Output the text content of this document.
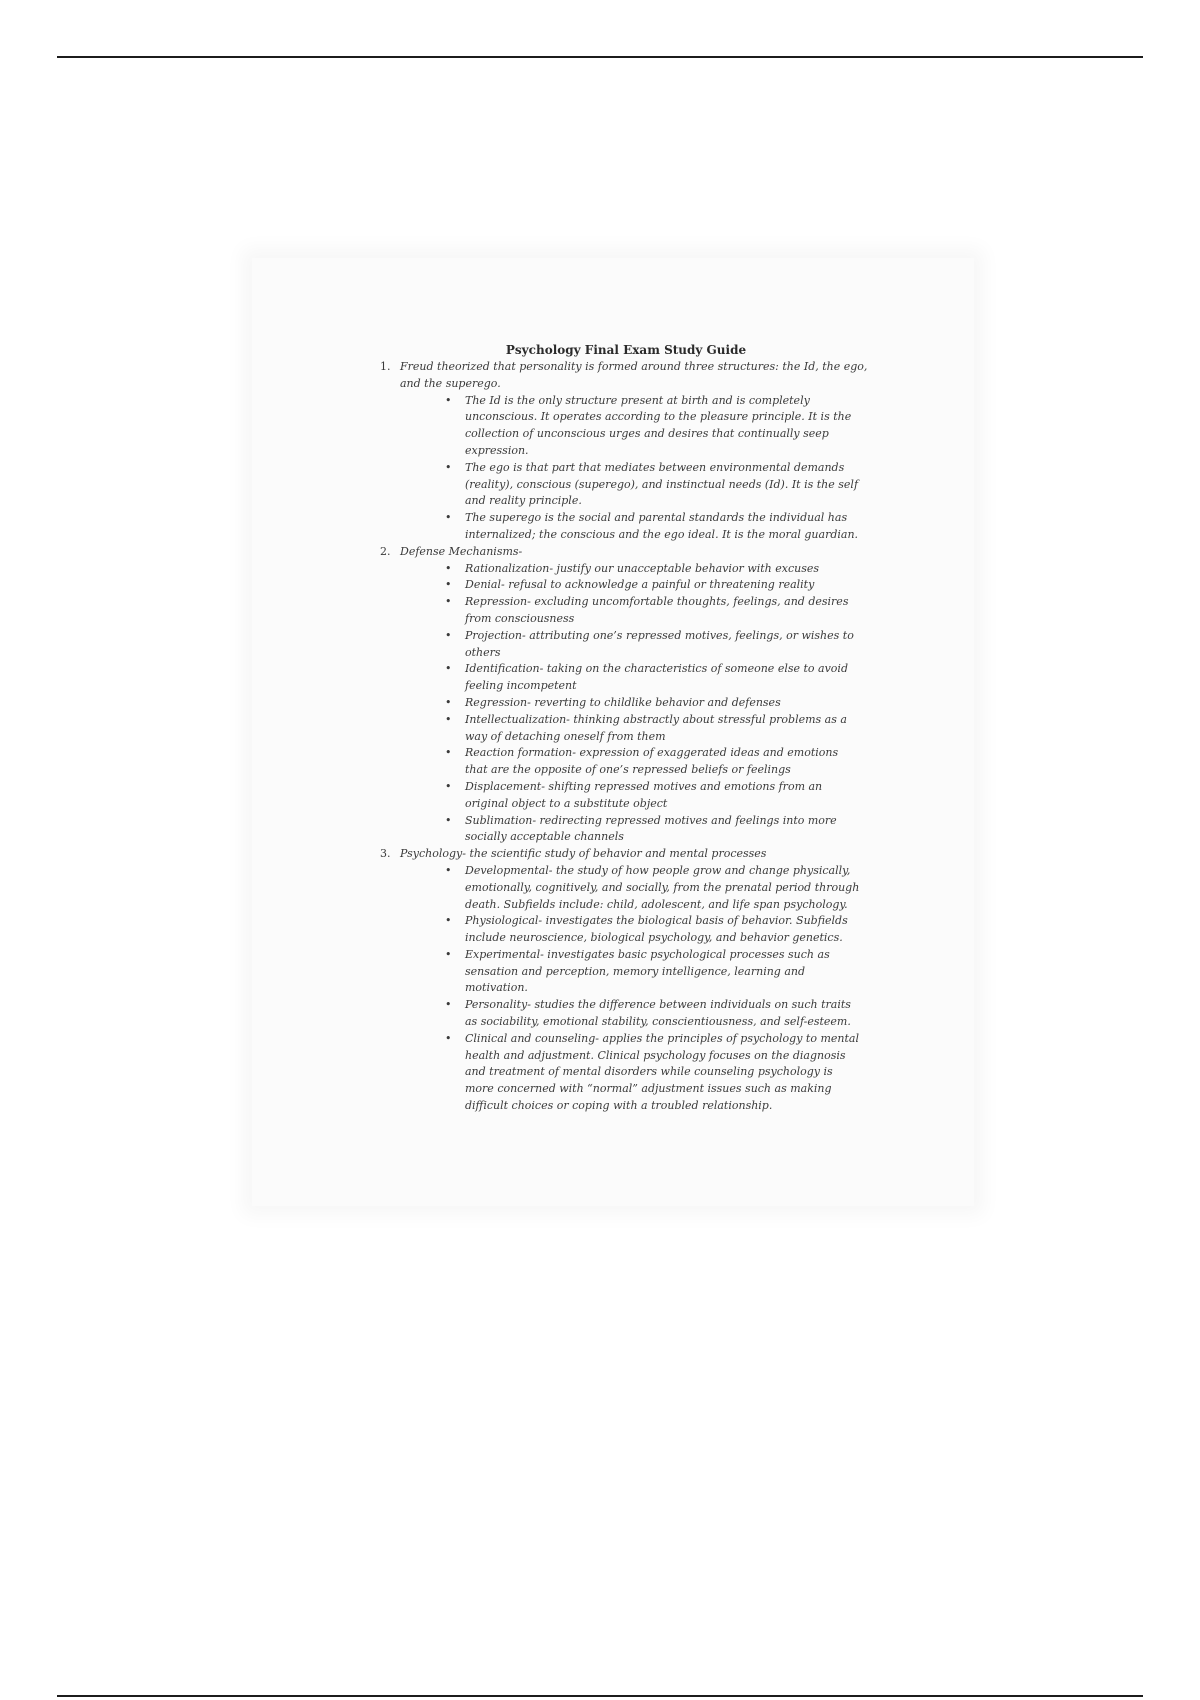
Psychology Final Exam Study Guide

1. Freud theorized that personality is formed around three structures: the Id, the ego, and the superego.
• The Id is the only structure present at birth and is completely unconscious. It operates according to the pleasure principle. It is the collection of unconscious urges and desires that continually seep expression.
• The ego is that part that mediates between environmental demands (reality), conscious (superego), and instinctual needs (Id). It is the self and reality principle.
• The superego is the social and parental standards the individual has internalized; the conscious and the ego ideal. It is the moral guardian.
2. Defense Mechanisms-
• Rationalization- justify our unacceptable behavior with excuses
• Denial- refusal to acknowledge a painful or threatening reality
• Repression- excluding uncomfortable thoughts, feelings, and desires from consciousness
• Projection- attributing one’s repressed motives, feelings, or wishes to others
• Identification- taking on the characteristics of someone else to avoid feeling incompetent
• Regression- reverting to childlike behavior and defenses
• Intellectualization- thinking abstractly about stressful problems as a way of detaching oneself from them
• Reaction formation- expression of exaggerated ideas and emotions that are the opposite of one’s repressed beliefs or feelings
• Displacement- shifting repressed motives and emotions from an original object to a substitute object
• Sublimation- redirecting repressed motives and feelings into more socially acceptable channels
3. Psychology- the scientific study of behavior and mental processes
• Developmental- the study of how people grow and change physically, emotionally, cognitively, and socially, from the prenatal period through death. Subfields include: child, adolescent, and life span psychology.
• Physiological- investigates the biological basis of behavior. Subfields include neuroscience, biological psychology, and behavior genetics.
• Experimental- investigates basic psychological processes such as sensation and perception, memory intelligence, learning and motivation.
• Personality- studies the difference between individuals on such traits as sociability, emotional stability, conscientiousness, and self-esteem.
• Clinical and counseling- applies the principles of psychology to mental health and adjustment. Clinical psychology focuses on the diagnosis and treatment of mental disorders while counseling psychology is more concerned with “normal” adjustment issues such as making difficult choices or coping with a troubled relationship.
